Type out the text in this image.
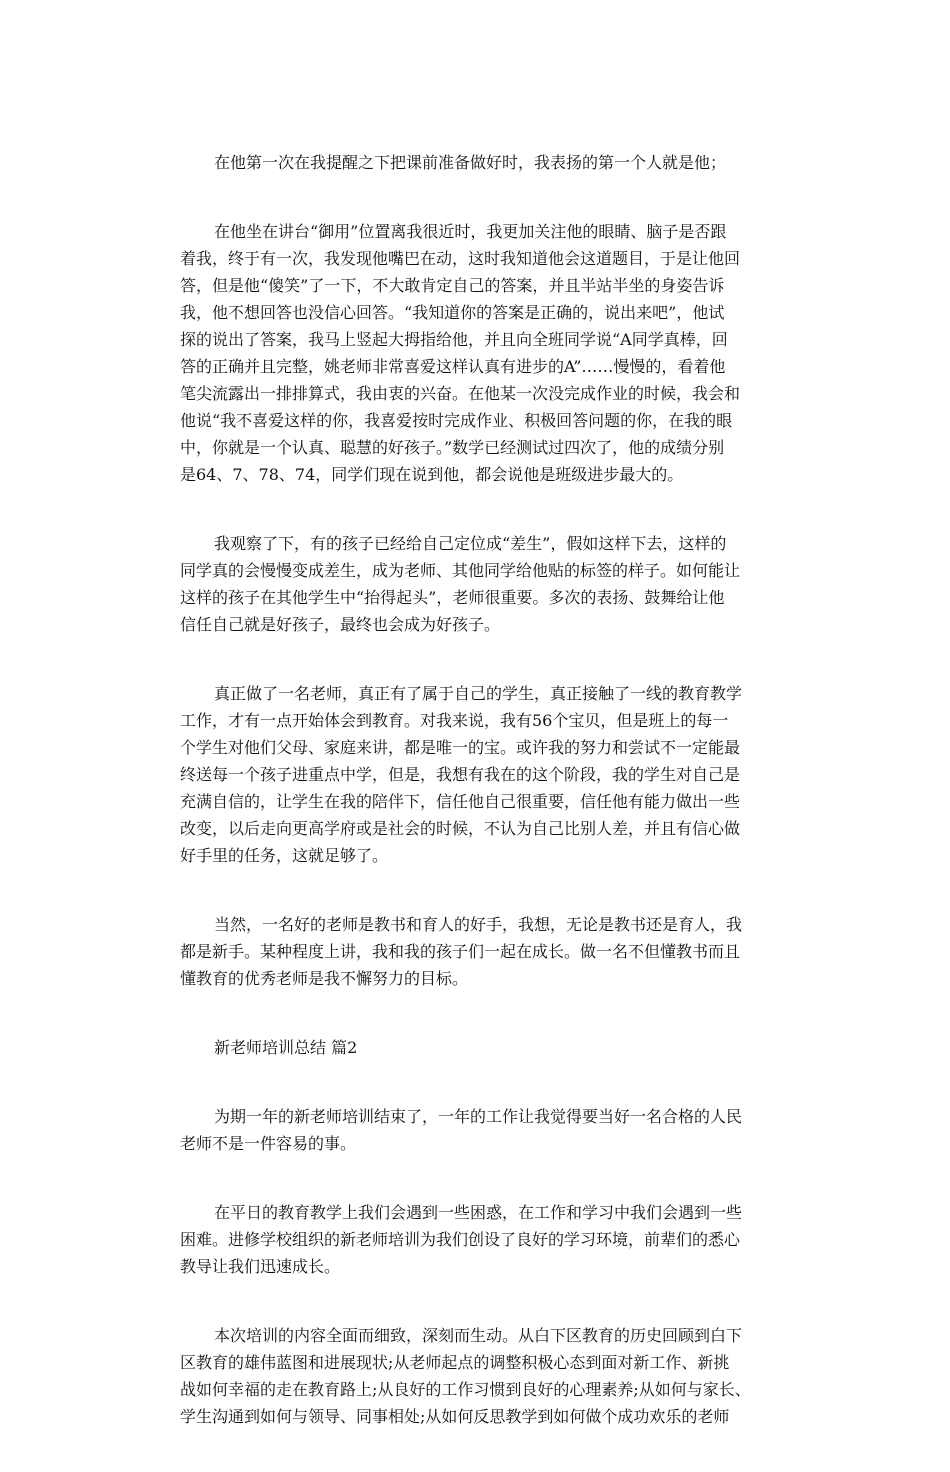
在他第一次在我提醒之下把课前准备做好时，我表扬的第一个人就是他；

在他坐在讲台“御用”位置离我很近时，我更加关注他的眼睛、脑子是否跟
着我，终于有一次，我发现他嘴巴在动，这时我知道他会这道题目，于是让他回
答，但是他“傻笑”了一下，不大敢肯定自己的答案，并且半站半坐的身姿告诉
我，他不想回答也没信心回答。“我知道你的答案是正确的，说出来吧”，他试
探的说出了答案，我马上竖起大拇指给他，并且向全班同学说“A同学真棒，回
答的正确并且完整，姚老师非常喜爱这样认真有进步的A”……慢慢的，看着他
笔尖流露出一排排算式，我由衷的兴奋。在他某一次没完成作业的时候，我会和
他说“我不喜爱这样的你，我喜爱按时完成作业、积极回答问题的你，在我的眼
中，你就是一个认真、聪慧的好孩子。”数学已经测试过四次了，他的成绩分别
是64、7、78、74，同学们现在说到他，都会说他是班级进步最大的。

我观察了下，有的孩子已经给自己定位成“差生”，假如这样下去，这样的
同学真的会慢慢变成差生，成为老师、其他同学给他贴的标签的样子。如何能让
这样的孩子在其他学生中“抬得起头”，老师很重要。多次的表扬、鼓舞给让他
信任自己就是好孩子，最终也会成为好孩子。

真正做了一名老师，真正有了属于自己的学生，真正接触了一线的教育教学
工作，才有一点开始体会到教育。对我来说，我有56个宝贝，但是班上的每一
个学生对他们父母、家庭来讲，都是唯一的宝。或许我的努力和尝试不一定能最
终送每一个孩子进重点中学，但是，我想有我在的这个阶段，我的学生对自己是
充满自信的，让学生在我的陪伴下，信任他自己很重要，信任他有能力做出一些
改变，以后走向更高学府或是社会的时候，不认为自己比别人差，并且有信心做
好手里的任务，这就足够了。

当然，一名好的老师是教书和育人的好手，我想，无论是教书还是育人，我
都是新手。某种程度上讲，我和我的孩子们一起在成长。做一名不但懂教书而且
懂教育的优秀老师是我不懈努力的目标。

新老师培训总结 篇2

为期一年的新老师培训结束了，一年的工作让我觉得要当好一名合格的人民
老师不是一件容易的事。

在平日的教育教学上我们会遇到一些困惑，在工作和学习中我们会遇到一些
困难。进修学校组织的新老师培训为我们创设了良好的学习环境，前辈们的悉心
教导让我们迅速成长。

本次培训的内容全面而细致，深刻而生动。从白下区教育的历史回顾到白下
区教育的雄伟蓝图和进展现状;从老师起点的调整积极心态到面对新工作、新挑
战如何幸福的走在教育路上;从良好的工作习惯到良好的心理素养;从如何与家长、
学生沟通到如何与领导、同事相处;从如何反思教学到如何做个成功欢乐的老师
